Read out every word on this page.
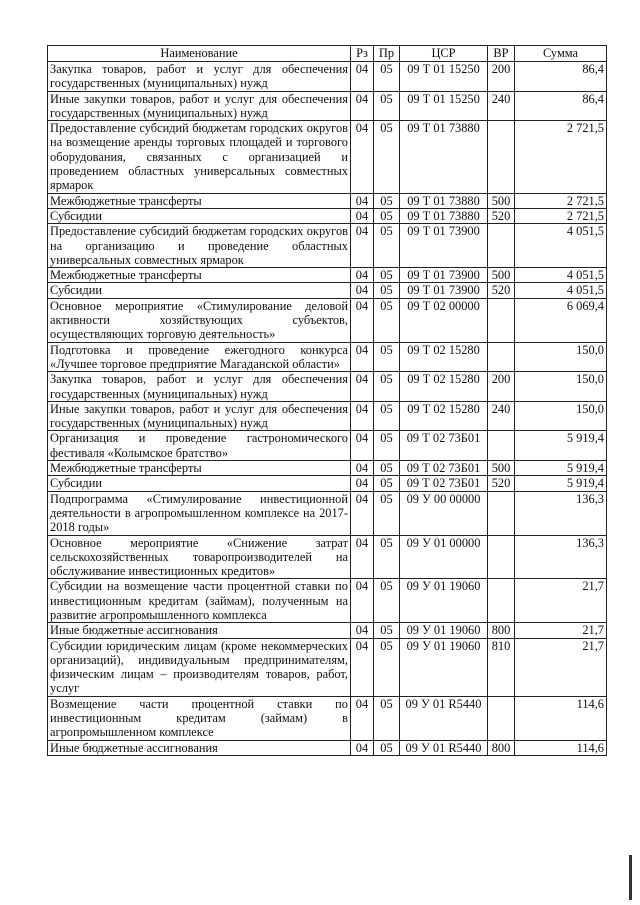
Наименование	Рз	Пр	ЦСР	ВР	Сумма
Закупка товаров, работ и услуг для обеспечения государственных (муниципальных) нужд	04	05	09 Т 01 15250	200	86,4
Иные закупки товаров, работ и услуг для обеспечения государственных (муниципальных) нужд	04	05	09 Т 01 15250	240	86,4
Предоставление субсидий бюджетам городских округов на возмещение аренды торговых площадей и торгового оборудования, связанных с организацией и проведением областных универсальных совместных ярмарок	04	05	09 Т 01 73880		2 721,5
Межбюджетные трансферты	04	05	09 Т 01 73880	500	2 721,5
Субсидии	04	05	09 Т 01 73880	520	2 721,5
Предоставление субсидий бюджетам городских округов на организацию и проведение областных универсальных совместных ярмарок	04	05	09 Т 01 73900		4 051,5
Межбюджетные трансферты	04	05	09 Т 01 73900	500	4 051,5
Субсидии	04	05	09 Т 01 73900	520	4 051,5
Основное мероприятие «Стимулирование деловой активности хозяйствующих субъектов, осуществляющих торговую деятельность»	04	05	09 Т 02 00000		6 069,4
Подготовка и проведение ежегодного конкурса «Лучшее торговое предприятие Магаданской области»	04	05	09 Т 02 15280		150,0
Закупка товаров, работ и услуг для обеспечения государственных (муниципальных) нужд	04	05	09 Т 02 15280	200	150,0
Иные закупки товаров, работ и услуг для обеспечения государственных (муниципальных) нужд	04	05	09 Т 02 15280	240	150,0
Организация и проведение гастрономического фестиваля «Колымское братство»	04	05	09 Т 02 73Б01		5 919,4
Межбюджетные трансферты	04	05	09 Т 02 73Б01	500	5 919,4
Субсидии	04	05	09 Т 02 73Б01	520	5 919,4
Подпрограмма «Стимулирование инвестиционной деятельности в агропромышленном комплексе на 2017-2018 годы»	04	05	09 У 00 00000		136,3
Основное мероприятие «Снижение затрат сельскохозяйственных товаропроизводителей на обслуживание инвестиционных кредитов»	04	05	09 У 01 00000		136,3
Субсидии на возмещение части процентной ставки по инвестиционным кредитам (займам), полученным на развитие агропромышленного комплекса	04	05	09 У 01 19060		21,7
Иные бюджетные ассигнования	04	05	09 У 01 19060	800	21,7
Субсидии юридическим лицам (кроме некоммерческих организаций), индивидуальным предпринимателям, физическим лицам – производителям товаров, работ, услуг	04	05	09 У 01 19060	810	21,7
Возмещение части процентной ставки по инвестиционным кредитам (займам) в агропромышленном комплексе	04	05	09 У 01 R5440		114,6
Иные бюджетные ассигнования	04	05	09 У 01 R5440	800	114,6
